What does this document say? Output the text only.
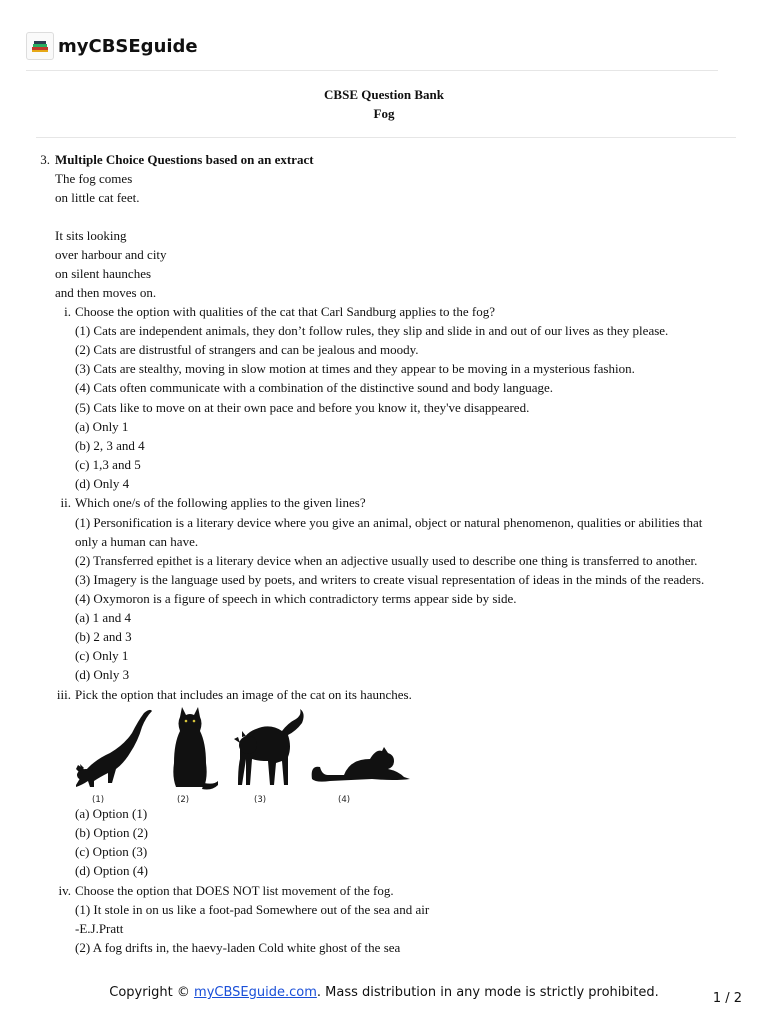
myCBSEguide
CBSE Question Bank
Fog
3. Multiple Choice Questions based on an extract
The fog comes
on little cat feet.
It sits looking
over harbour and city
on silent haunches
and then moves on.
i. Choose the option with qualities of the cat that Carl Sandburg applies to the fog?
(1) Cats are independent animals, they don’t follow rules, they slip and slide in and out of our lives as they please.
(2) Cats are distrustful of strangers and can be jealous and moody.
(3) Cats are stealthy, moving in slow motion at times and they appear to be moving in a mysterious fashion.
(4) Cats often communicate with a combination of the distinctive sound and body language.
(5) Cats like to move on at their own pace and before you know it, they've disappeared.
(a) Only 1
(b) 2, 3 and 4
(c) 1,3 and 5
(d) Only 4
ii. Which one/s of the following applies to the given lines?
(1) Personification is a literary device where you give an animal, object or natural phenomenon, qualities or abilities that
only a human can have.
(2) Transferred epithet is a literary device when an adjective usually used to describe one thing is transferred to another.
(3) Imagery is the language used by poets, and writers to create visual representation of ideas in the minds of the readers.
(4) Oxymoron is a figure of speech in which contradictory terms appear side by side.
(a) 1 and 4
(b) 2 and 3
(c) Only 1
(d) Only 3
iii. Pick the option that includes an image of the cat on its haunches.
(a) Option (1)
(b) Option (2)
(c) Option (3)
(d) Option (4)
iv. Choose the option that DOES NOT list movement of the fog.
(1) It stole in on us like a foot-pad Somewhere out of the sea and air
-E.J.Pratt
(2) A fog drifts in, the haevy-laden Cold white ghost of the sea
(1)	(2)	(3)	(4)
Copyright © myCBSEguide.com. Mass distribution in any mode is strictly prohibited.	1 / 2
